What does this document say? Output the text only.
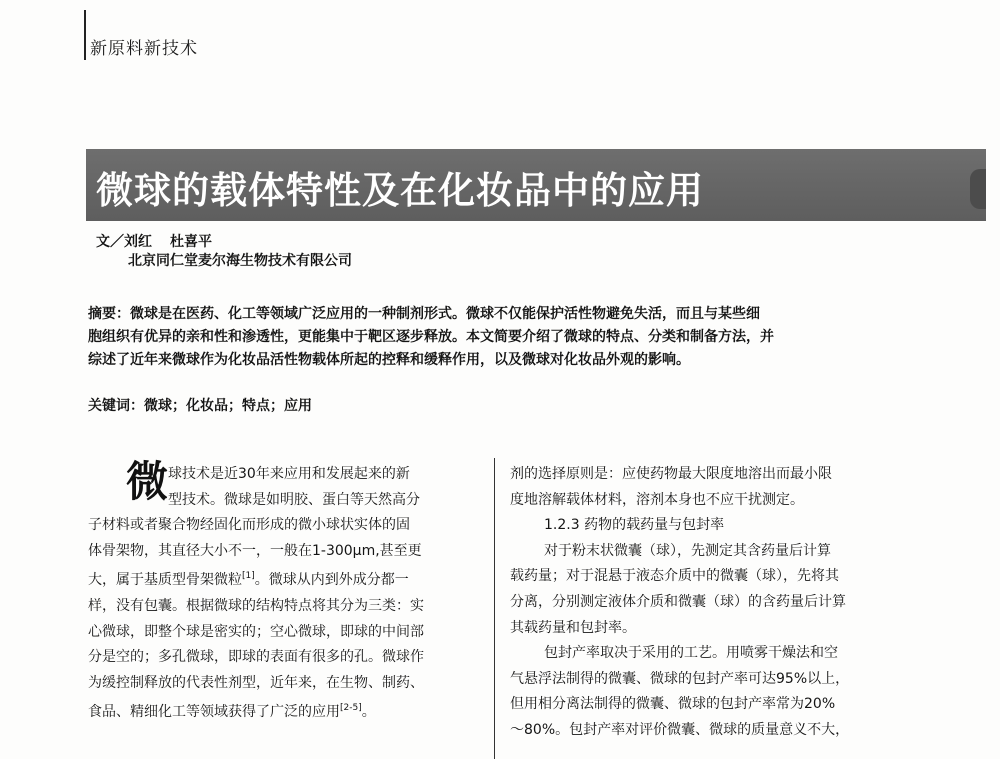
新原料新技术
微球的载体特性及在化妆品中的应用
文／刘红 杜喜平
北京同仁堂麦尔海生物技术有限公司
摘要：微球是在医药、化工等领域广泛应用的一种制剂形式。微球不仅能保护活性物避免失活，而且与某些细
胞组织有优异的亲和性和渗透性，更能集中于靶区逐步释放。本文简要介绍了微球的特点、分类和制备方法，并
综述了近年来微球作为化妆品活性物载体所起的控释和缓释作用，以及微球对化妆品外观的影响。
关键词：微球；化妆品；特点；应用
微 球技术是近30年来应用和发展起来的新
型技术。微球是如明胶、蛋白等天然高分
子材料或者聚合物经固化而形成的微小球状实体的固
体骨架物，其直径大小不一，一般在1-300μm,甚至更
大，属于基质型骨架微粒[1]。微球从内到外成分都一
样，没有包囊。根据微球的结构特点将其分为三类：实
心微球，即整个球是密实的；空心微球，即球的中间部
分是空的；多孔微球，即球的表面有很多的孔。微球作
为缓控制释放的代表性剂型，近年来，在生物、制药、
食品、精细化工等领域获得了广泛的应用[2-5]。
剂的选择原则是：应使药物最大限度地溶出而最小限
度地溶解载体材料，溶剂本身也不应干扰测定。
1.2.3 药物的载药量与包封率
对于粉末状微囊（球），先测定其含药量后计算
载药量；对于混悬于液态介质中的微囊（球），先将其
分离，分别测定液体介质和微囊（球）的含药量后计算
其载药量和包封率。
包封产率取决于采用的工艺。用喷雾干燥法和空
气悬浮法制得的微囊、微球的包封产率可达95%以上，
但用相分离法制得的微囊、微球的包封产率常为20%
～80%。包封产率对评价微囊、微球的质量意义不大，
